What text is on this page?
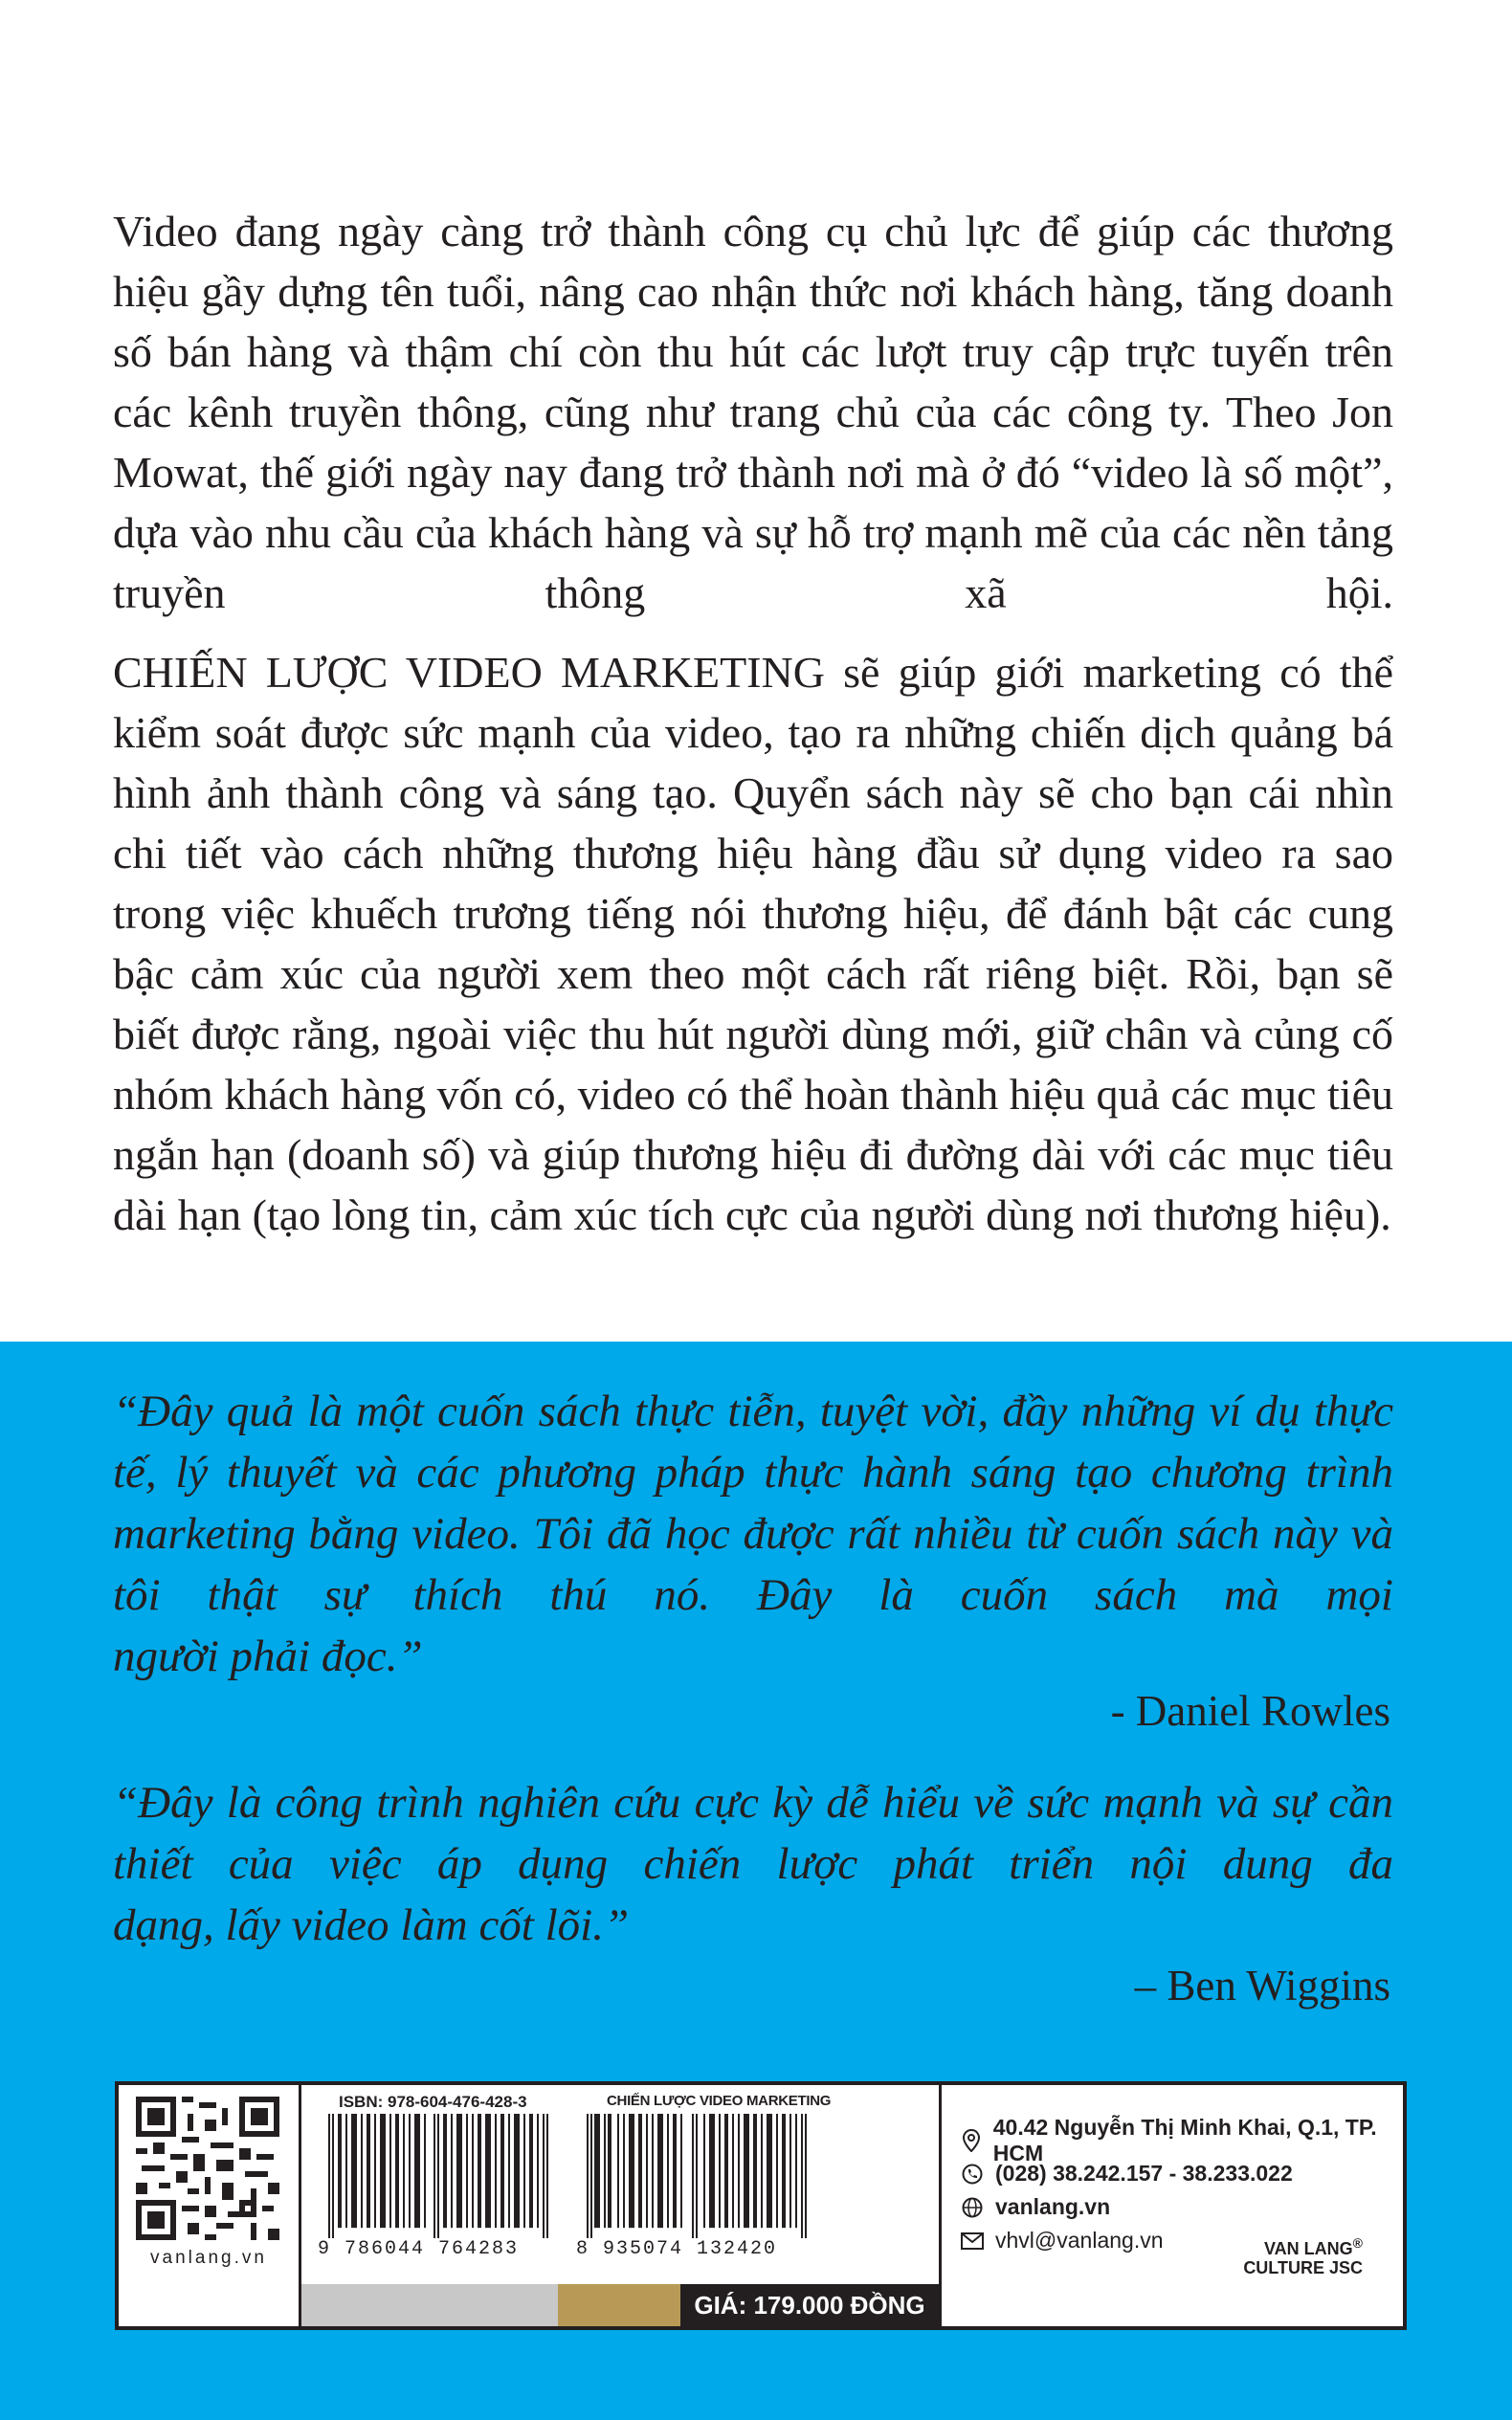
Video đang ngày càng trở thành công cụ chủ lực để giúp các thương hiệu gầy dựng tên tuổi, nâng cao nhận thức nơi khách hàng, tăng doanh số bán hàng và thậm chí còn thu hút các lượt truy cập trực tuyến trên các kênh truyền thông, cũng như trang chủ của các công ty. Theo Jon Mowat, thế giới ngày nay đang trở thành nơi mà ở đó “video là số một”, dựa vào nhu cầu của khách hàng và sự hỗ trợ mạnh mẽ của các nền tảng truyền thông xã hội.

CHIẾN LƯỢC VIDEO MARKETING sẽ giúp giới marketing có thể kiểm soát được sức mạnh của video, tạo ra những chiến dịch quảng bá hình ảnh thành công và sáng tạo. Quyển sách này sẽ cho bạn cái nhìn chi tiết vào cách những thương hiệu hàng đầu sử dụng video ra sao trong việc khuếch trương tiếng nói thương hiệu, để đánh bật các cung bậc cảm xúc của người xem theo một cách rất riêng biệt. Rồi, bạn sẽ biết được rằng, ngoài việc thu hút người dùng mới, giữ chân và củng cố nhóm khách hàng vốn có, video có thể hoàn thành hiệu quả các mục tiêu ngắn hạn (doanh số) và giúp thương hiệu đi đường dài với các mục tiêu dài hạn (tạo lòng tin, cảm xúc tích cực của người dùng nơi thương hiệu).

“Đây quả là một cuốn sách thực tiễn, tuyệt vời, đầy những ví dụ thực tế, lý thuyết và các phương pháp thực hành sáng tạo chương trình marketing bằng video. Tôi đã học được rất nhiều từ cuốn sách này và tôi thật sự thích thú nó. Đây là cuốn sách mà mọi
người phải đọc.”
- Daniel Rowles
“Đây là công trình nghiên cứu cực kỳ dễ hiểu về sức mạnh và sự cần thiết của việc áp dụng chiến lược phát triển nội dung đa
dạng, lấy video làm cốt lõi.”
– Ben Wiggins
vanlang.vn
ISBN: 978-604-476-428-3
9 786044 764283
CHIẾN LƯỢC VIDEO MARKETING
8 935074 132420
GIÁ: 179.000 ĐỒNG
40.42 Nguyễn Thị Minh Khai, Q.1, TP. HCM
(028) 38.242.157 - 38.233.022
vanlang.vn
vhvl@vanlang.vn	VAN LANG®
CULTURE JSC
